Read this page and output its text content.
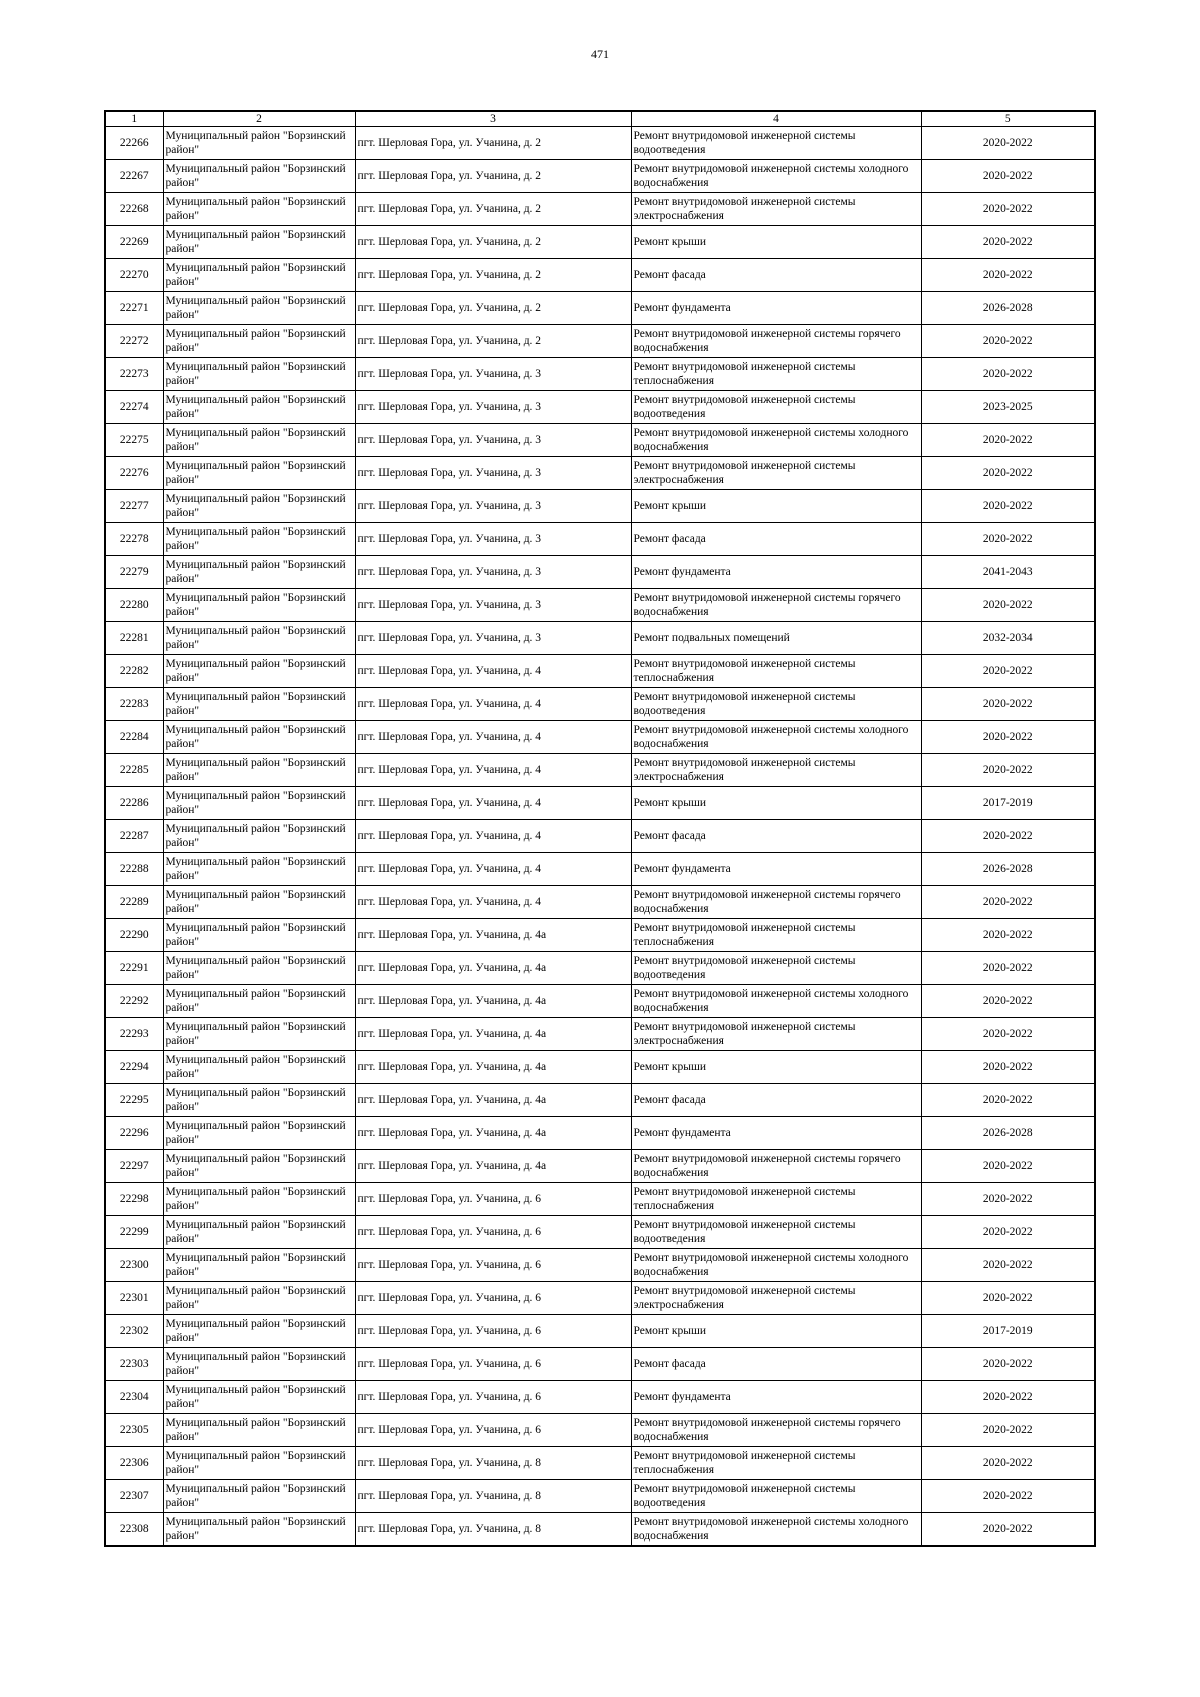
471
1	2	3	4	5
22266	Муниципальный район "Борзинский район"	пгт. Шерловая Гора, ул. Учанина, д. 2	Ремонт внутридомовой инженерной системы водоотведения	2020-2022
22267	Муниципальный район "Борзинский район"	пгт. Шерловая Гора, ул. Учанина, д. 2	Ремонт внутридомовой инженерной системы холодного водоснабжения	2020-2022
22268	Муниципальный район "Борзинский район"	пгт. Шерловая Гора, ул. Учанина, д. 2	Ремонт внутридомовой инженерной системы электроснабжения	2020-2022
22269	Муниципальный район "Борзинский район"	пгт. Шерловая Гора, ул. Учанина, д. 2	Ремонт крыши	2020-2022
22270	Муниципальный район "Борзинский район"	пгт. Шерловая Гора, ул. Учанина, д. 2	Ремонт фасада	2020-2022
22271	Муниципальный район "Борзинский район"	пгт. Шерловая Гора, ул. Учанина, д. 2	Ремонт фундамента	2026-2028
22272	Муниципальный район "Борзинский район"	пгт. Шерловая Гора, ул. Учанина, д. 2	Ремонт внутридомовой инженерной системы горячего водоснабжения	2020-2022
22273	Муниципальный район "Борзинский район"	пгт. Шерловая Гора, ул. Учанина, д. 3	Ремонт внутридомовой инженерной системы теплоснабжения	2020-2022
22274	Муниципальный район "Борзинский район"	пгт. Шерловая Гора, ул. Учанина, д. 3	Ремонт внутридомовой инженерной системы водоотведения	2023-2025
22275	Муниципальный район "Борзинский район"	пгт. Шерловая Гора, ул. Учанина, д. 3	Ремонт внутридомовой инженерной системы холодного водоснабжения	2020-2022
22276	Муниципальный район "Борзинский район"	пгт. Шерловая Гора, ул. Учанина, д. 3	Ремонт внутридомовой инженерной системы электроснабжения	2020-2022
22277	Муниципальный район "Борзинский район"	пгт. Шерловая Гора, ул. Учанина, д. 3	Ремонт крыши	2020-2022
22278	Муниципальный район "Борзинский район"	пгт. Шерловая Гора, ул. Учанина, д. 3	Ремонт фасада	2020-2022
22279	Муниципальный район "Борзинский район"	пгт. Шерловая Гора, ул. Учанина, д. 3	Ремонт фундамента	2041-2043
22280	Муниципальный район "Борзинский район"	пгт. Шерловая Гора, ул. Учанина, д. 3	Ремонт внутридомовой инженерной системы горячего водоснабжения	2020-2022
22281	Муниципальный район "Борзинский район"	пгт. Шерловая Гора, ул. Учанина, д. 3	Ремонт подвальных помещений	2032-2034
22282	Муниципальный район "Борзинский район"	пгт. Шерловая Гора, ул. Учанина, д. 4	Ремонт внутридомовой инженерной системы теплоснабжения	2020-2022
22283	Муниципальный район "Борзинский район"	пгт. Шерловая Гора, ул. Учанина, д. 4	Ремонт внутридомовой инженерной системы водоотведения	2020-2022
22284	Муниципальный район "Борзинский район"	пгт. Шерловая Гора, ул. Учанина, д. 4	Ремонт внутридомовой инженерной системы холодного водоснабжения	2020-2022
22285	Муниципальный район "Борзинский район"	пгт. Шерловая Гора, ул. Учанина, д. 4	Ремонт внутридомовой инженерной системы электроснабжения	2020-2022
22286	Муниципальный район "Борзинский район"	пгт. Шерловая Гора, ул. Учанина, д. 4	Ремонт крыши	2017-2019
22287	Муниципальный район "Борзинский район"	пгт. Шерловая Гора, ул. Учанина, д. 4	Ремонт фасада	2020-2022
22288	Муниципальный район "Борзинский район"	пгт. Шерловая Гора, ул. Учанина, д. 4	Ремонт фундамента	2026-2028
22289	Муниципальный район "Борзинский район"	пгт. Шерловая Гора, ул. Учанина, д. 4	Ремонт внутридомовой инженерной системы горячего водоснабжения	2020-2022
22290	Муниципальный район "Борзинский район"	пгт. Шерловая Гора, ул. Учанина, д. 4а	Ремонт внутридомовой инженерной системы теплоснабжения	2020-2022
22291	Муниципальный район "Борзинский район"	пгт. Шерловая Гора, ул. Учанина, д. 4а	Ремонт внутридомовой инженерной системы водоотведения	2020-2022
22292	Муниципальный район "Борзинский район"	пгт. Шерловая Гора, ул. Учанина, д. 4а	Ремонт внутридомовой инженерной системы холодного водоснабжения	2020-2022
22293	Муниципальный район "Борзинский район"	пгт. Шерловая Гора, ул. Учанина, д. 4а	Ремонт внутридомовой инженерной системы электроснабжения	2020-2022
22294	Муниципальный район "Борзинский район"	пгт. Шерловая Гора, ул. Учанина, д. 4а	Ремонт крыши	2020-2022
22295	Муниципальный район "Борзинский район"	пгт. Шерловая Гора, ул. Учанина, д. 4а	Ремонт фасада	2020-2022
22296	Муниципальный район "Борзинский район"	пгт. Шерловая Гора, ул. Учанина, д. 4а	Ремонт фундамента	2026-2028
22297	Муниципальный район "Борзинский район"	пгт. Шерловая Гора, ул. Учанина, д. 4а	Ремонт внутридомовой инженерной системы горячего водоснабжения	2020-2022
22298	Муниципальный район "Борзинский район"	пгт. Шерловая Гора, ул. Учанина, д. 6	Ремонт внутридомовой инженерной системы теплоснабжения	2020-2022
22299	Муниципальный район "Борзинский район"	пгт. Шерловая Гора, ул. Учанина, д. 6	Ремонт внутридомовой инженерной системы водоотведения	2020-2022
22300	Муниципальный район "Борзинский район"	пгт. Шерловая Гора, ул. Учанина, д. 6	Ремонт внутридомовой инженерной системы холодного водоснабжения	2020-2022
22301	Муниципальный район "Борзинский район"	пгт. Шерловая Гора, ул. Учанина, д. 6	Ремонт внутридомовой инженерной системы электроснабжения	2020-2022
22302	Муниципальный район "Борзинский район"	пгт. Шерловая Гора, ул. Учанина, д. 6	Ремонт крыши	2017-2019
22303	Муниципальный район "Борзинский район"	пгт. Шерловая Гора, ул. Учанина, д. 6	Ремонт фасада	2020-2022
22304	Муниципальный район "Борзинский район"	пгт. Шерловая Гора, ул. Учанина, д. 6	Ремонт фундамента	2020-2022
22305	Муниципальный район "Борзинский район"	пгт. Шерловая Гора, ул. Учанина, д. 6	Ремонт внутридомовой инженерной системы горячего водоснабжения	2020-2022
22306	Муниципальный район "Борзинский район"	пгт. Шерловая Гора, ул. Учанина, д. 8	Ремонт внутридомовой инженерной системы теплоснабжения	2020-2022
22307	Муниципальный район "Борзинский район"	пгт. Шерловая Гора, ул. Учанина, д. 8	Ремонт внутридомовой инженерной системы водоотведения	2020-2022
22308	Муниципальный район "Борзинский район"	пгт. Шерловая Гора, ул. Учанина, д. 8	Ремонт внутридомовой инженерной системы холодного водоснабжения	2020-2022
